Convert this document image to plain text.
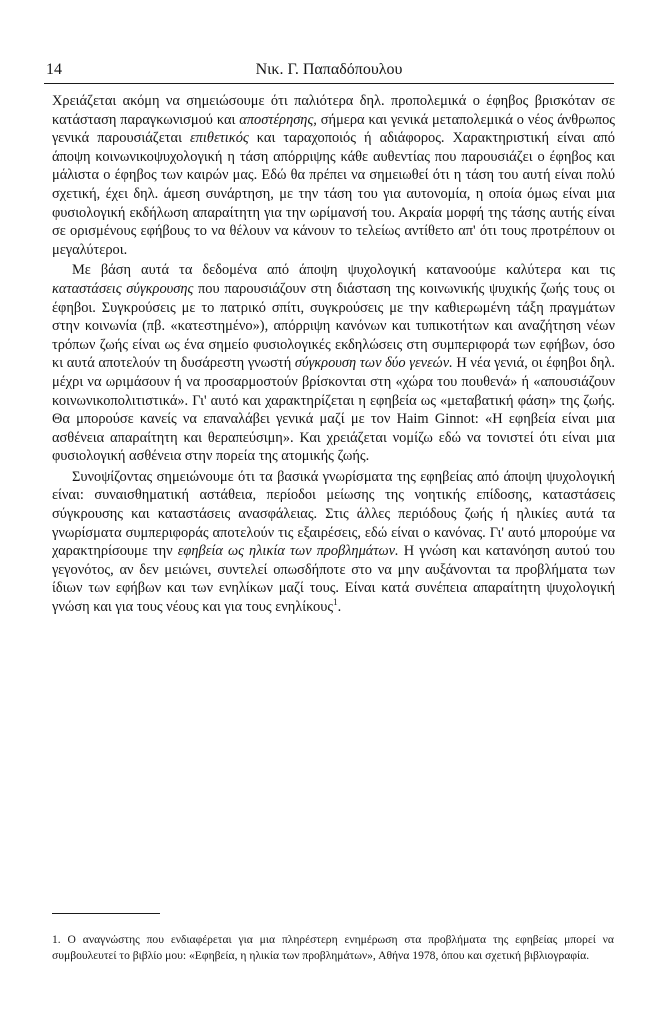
14	Νικ. Γ. Παπαδόπουλου

Χρειάζεται ακόμη να σημειώσουμε ότι παλιότερα δηλ. προπολεμικά ο έφηβος βρισκόταν σε κατάσταση παραγκωνισμού και αποστέρησης, σήμερα και γενικά μεταπολεμικά ο νέος άνθρωπος γενικά παρουσιάζεται επιθετικός και ταραχοποιός ή αδιάφορος. Χαρακτηριστική είναι από άποψη κοινωνικοψυχολογική η τάση απόρριψης κάθε αυθεντίας που παρουσιάζει ο έφηβος και μάλιστα ο έφηβος των καιρών μας. Εδώ θα πρέπει να σημειωθεί ότι η τάση του αυτή είναι πολύ σχετική, έχει δηλ. άμεση συνάρτηση, με την τάση του για αυτονομία, η οποία όμως είναι μια φυσιολογική εκδήλωση απαραίτητη για την ωρίμανσή του. Ακραία μορφή της τάσης αυτής είναι σε ορισμένους εφήβους το να θέλουν να κάνουν το τελείως αντίθετο απ' ότι τους προτρέπουν οι μεγαλύτεροι.

Με βάση αυτά τα δεδομένα από άποψη ψυχολογική κατανοούμε καλύτερα και τις καταστάσεις σύγκρουσης που παρουσιάζουν στη διάσταση της κοινωνικής ψυχικής ζωής τους οι έφηβοι. Συγκρούσεις με το πατρικό σπίτι, συγκρούσεις με την καθιερωμένη τάξη πραγμάτων στην κοινωνία (πβ. «κατεστημένο»), απόρριψη κανόνων και τυπικοτήτων και αναζήτηση νέων τρόπων ζωής είναι ως ένα σημείο φυσιολογικές εκδηλώσεις στη συμπεριφορά των εφήβων, όσο κι αυτά αποτελούν τη δυσάρεστη γνωστή σύγκρουση των δύο γενεών. Η νέα γενιά, οι έφηβοι δηλ. μέχρι να ωριμάσουν ή να προσαρμοστούν βρίσκονται στη «χώρα του πουθενά» ή «απουσιάζουν κοινωνικοπολιτιστικά». Γι' αυτό και χαρακτηρίζεται η εφηβεία ως «μεταβατική φάση» της ζωής. Θα μπορούσε κανείς να επαναλάβει γενικά μαζί με τον Haim Ginnot: «Η εφηβεία είναι μια ασθένεια απαραίτητη και θεραπεύσιμη». Και χρειάζεται νομίζω εδώ να τονιστεί ότι είναι μια φυσιολογική ασθένεια στην πορεία της ατομικής ζωής.

Συνοψίζοντας σημειώνουμε ότι τα βασικά γνωρίσματα της εφηβείας από άποψη ψυχολογική είναι: συναισθηματική αστάθεια, περίοδοι μείωσης της νοητικής επίδοσης, καταστάσεις σύγκρουσης και καταστάσεις ανασφάλειας. Στις άλλες περιόδους ζωής ή ηλικίες αυτά τα γνωρίσματα συμπεριφοράς αποτελούν τις εξαιρέσεις, εδώ είναι ο κανόνας. Γι' αυτό μπορούμε να χαρακτηρίσουμε την εφηβεία ως ηλικία των προβλημάτων. Η γνώση και κατανόηση αυτού του γεγονότος, αν δεν μειώνει, συντελεί οπωσδήποτε στο να μην αυξάνονται τα προβλήματα των ίδιων των εφήβων και των ενηλίκων μαζί τους. Είναι κατά συνέπεια απαραίτητη ψυχολογική γνώση και για τους νέους και για τους ενηλίκους$^1$.

1. Ο αναγνώστης που ενδιαφέρεται για μια πληρέστερη ενημέρωση στα προβλήματα της εφηβείας μπορεί να συμβουλευτεί το βιβλίο μου: «Εφηβεία, η ηλικία των προβλημάτων», Αθήνα 1978, όπου και σχετική βιβλιογραφία.
